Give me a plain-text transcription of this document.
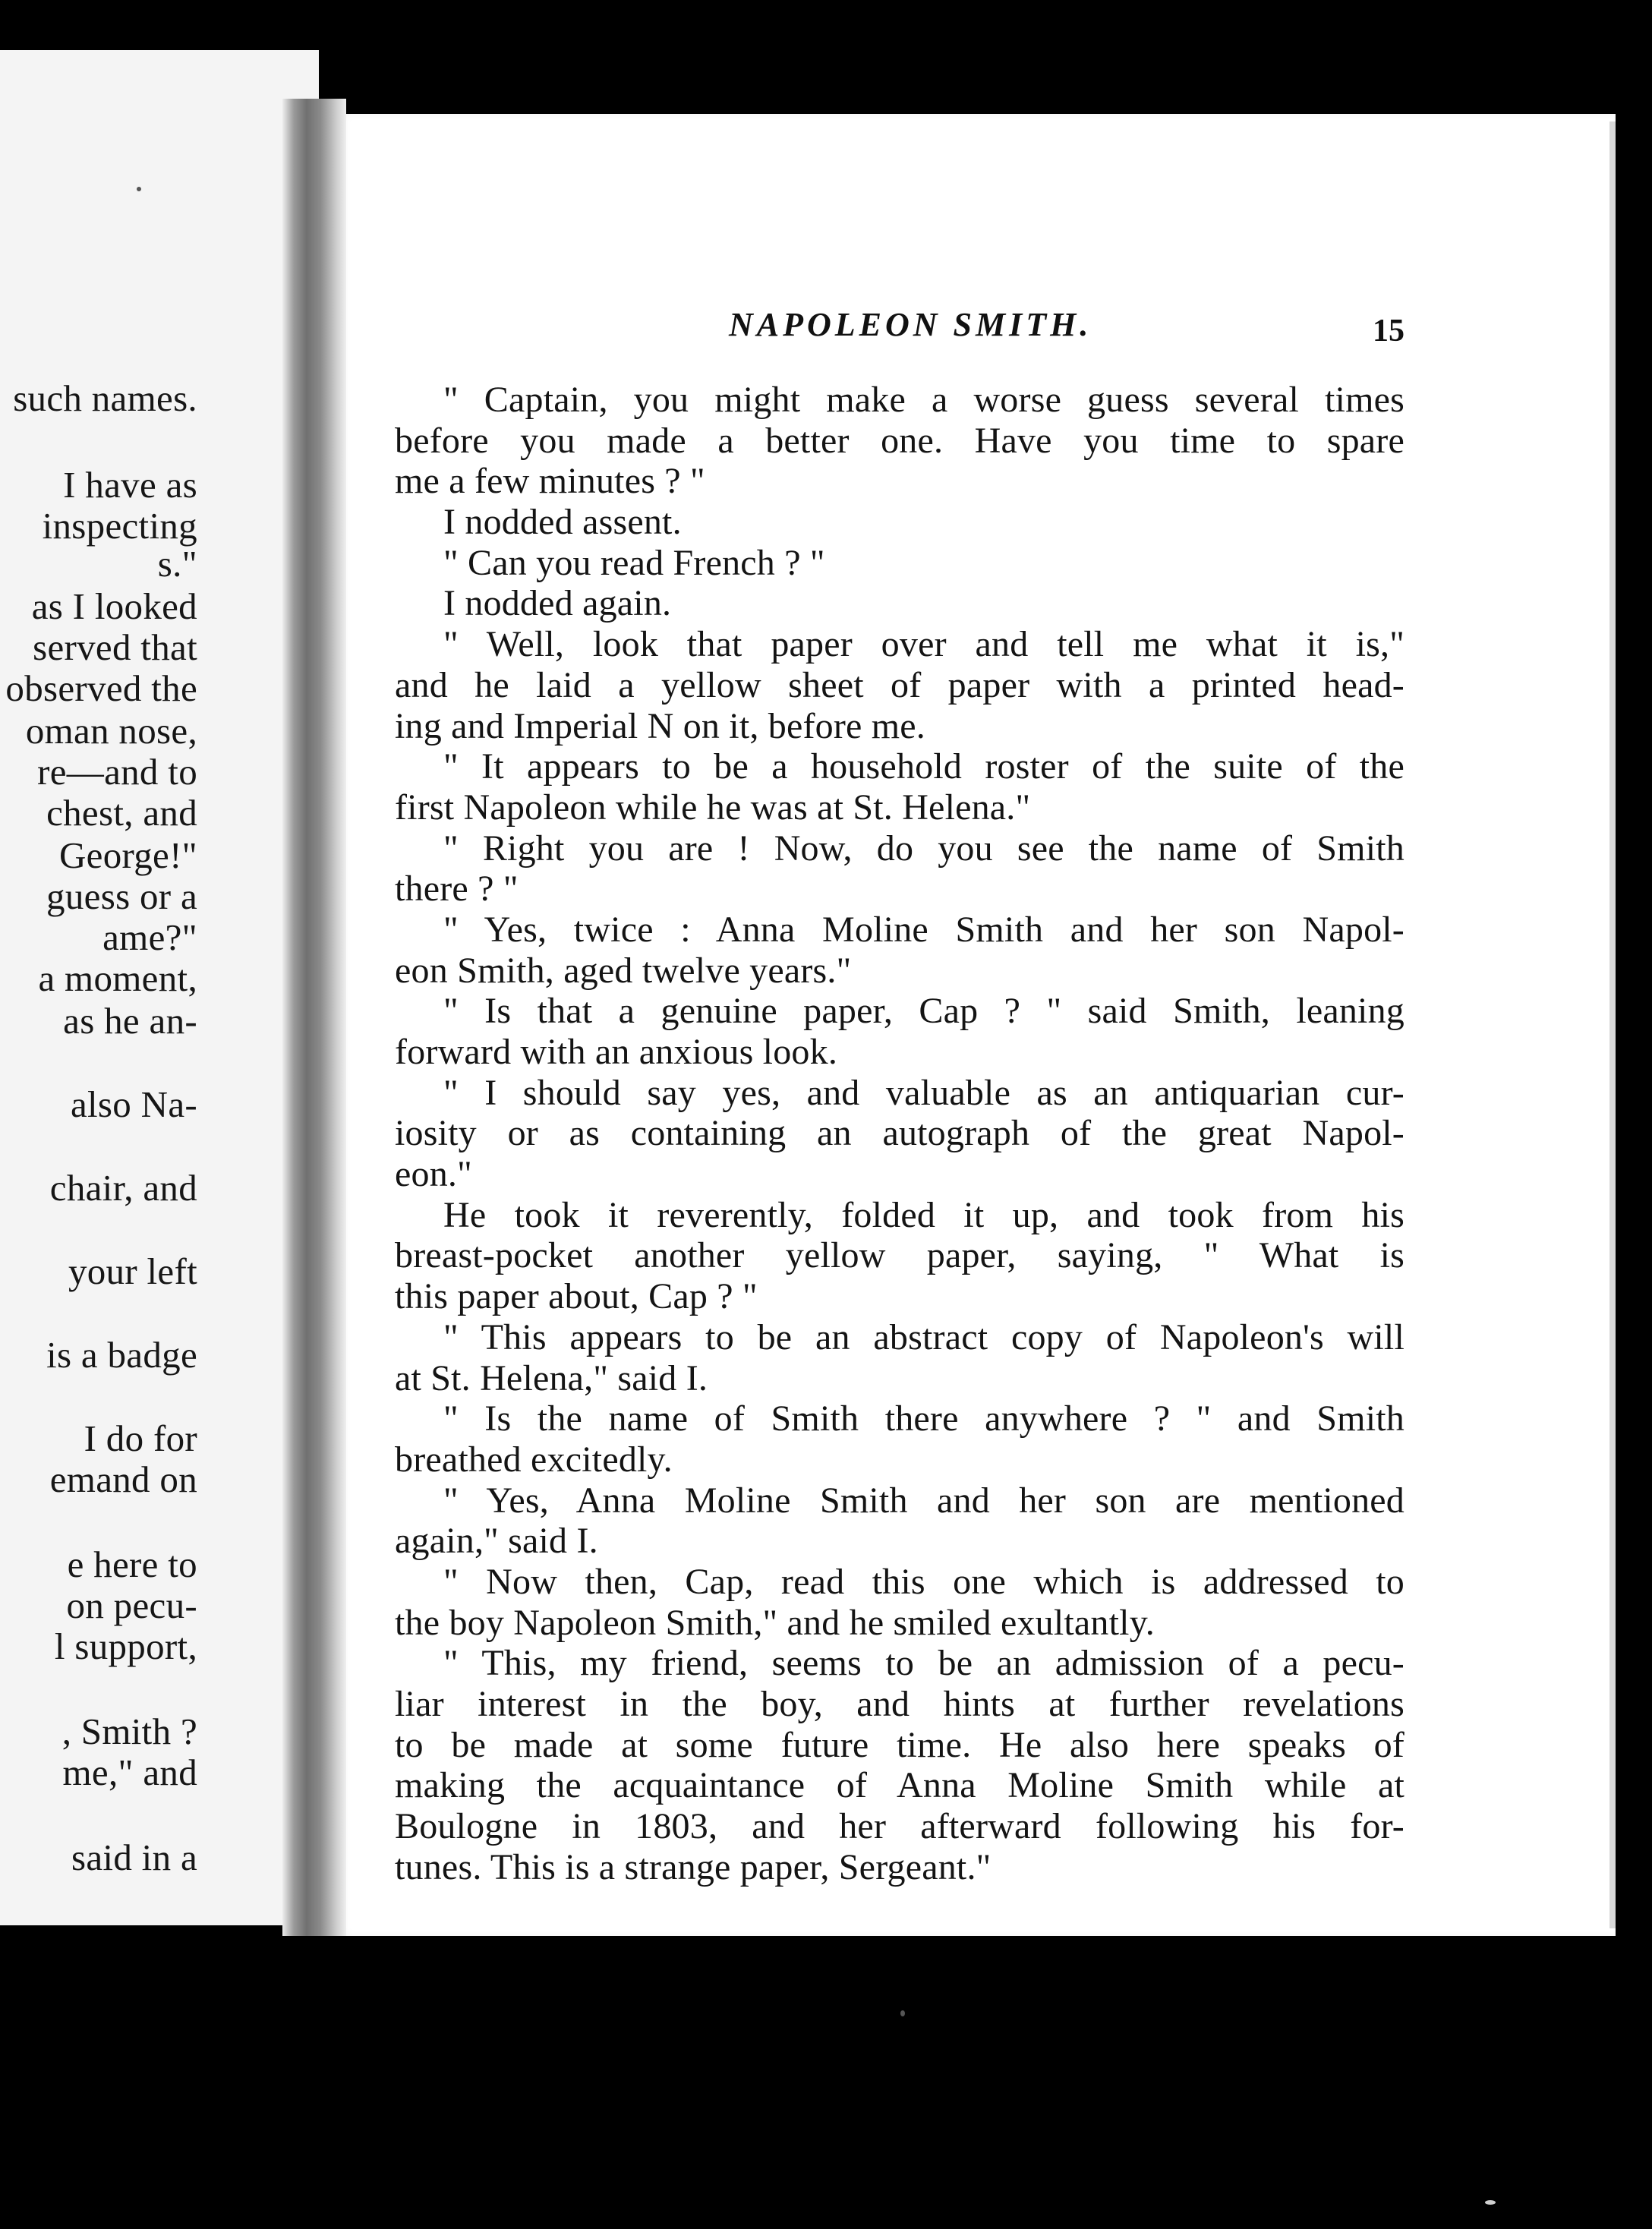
such names.
I have as
inspecting
s."
as I looked
served that
observed the
oman nose,
re—and to
chest, and
George!"
guess or a
ame?"
a moment,
as he an-
also Na-
chair, and
your left
is a badge
I do for
emand on
e here to
on pecu-
l support,
, Smith ?
me," and
said in a
NAPOLEON SMITH.	15
" Captain, you might make a worse guess several times
before you made a better one. Have you time to spare
me a few minutes ? "
I nodded assent.
" Can you read French ? "
I nodded again.
" Well, look that paper over and tell me what it is,"
and he laid a yellow sheet of paper with a printed head-
ing and Imperial N on it, before me.
" It appears to be a household roster of the suite of the
first Napoleon while he was at St. Helena."
" Right you are ! Now, do you see the name of Smith
there ? "
" Yes, twice : Anna Moline Smith and her son Napol-
eon Smith, aged twelve years."
" Is that a genuine paper, Cap ? " said Smith, leaning
forward with an anxious look.
" I should say yes, and valuable as an antiquarian cur-
iosity or as containing an autograph of the great Napol-
eon."
He took it reverently, folded it up, and took from his
breast-pocket another yellow paper, saying, " What is
this paper about, Cap ? "
" This appears to be an abstract copy of Napoleon's will
at St. Helena," said I.
" Is the name of Smith there anywhere ? " and Smith
breathed excitedly.
" Yes, Anna Moline Smith and her son are mentioned
again," said I.
" Now then, Cap, read this one which is addressed to
the boy Napoleon Smith," and he smiled exultantly.
" This, my friend, seems to be an admission of a pecu-
liar interest in the boy, and hints at further revelations
to be made at some future time. He also here speaks of
making the acquaintance of Anna Moline Smith while at
Boulogne in 1803, and her afterward following his for-
tunes. This is a strange paper, Sergeant."
